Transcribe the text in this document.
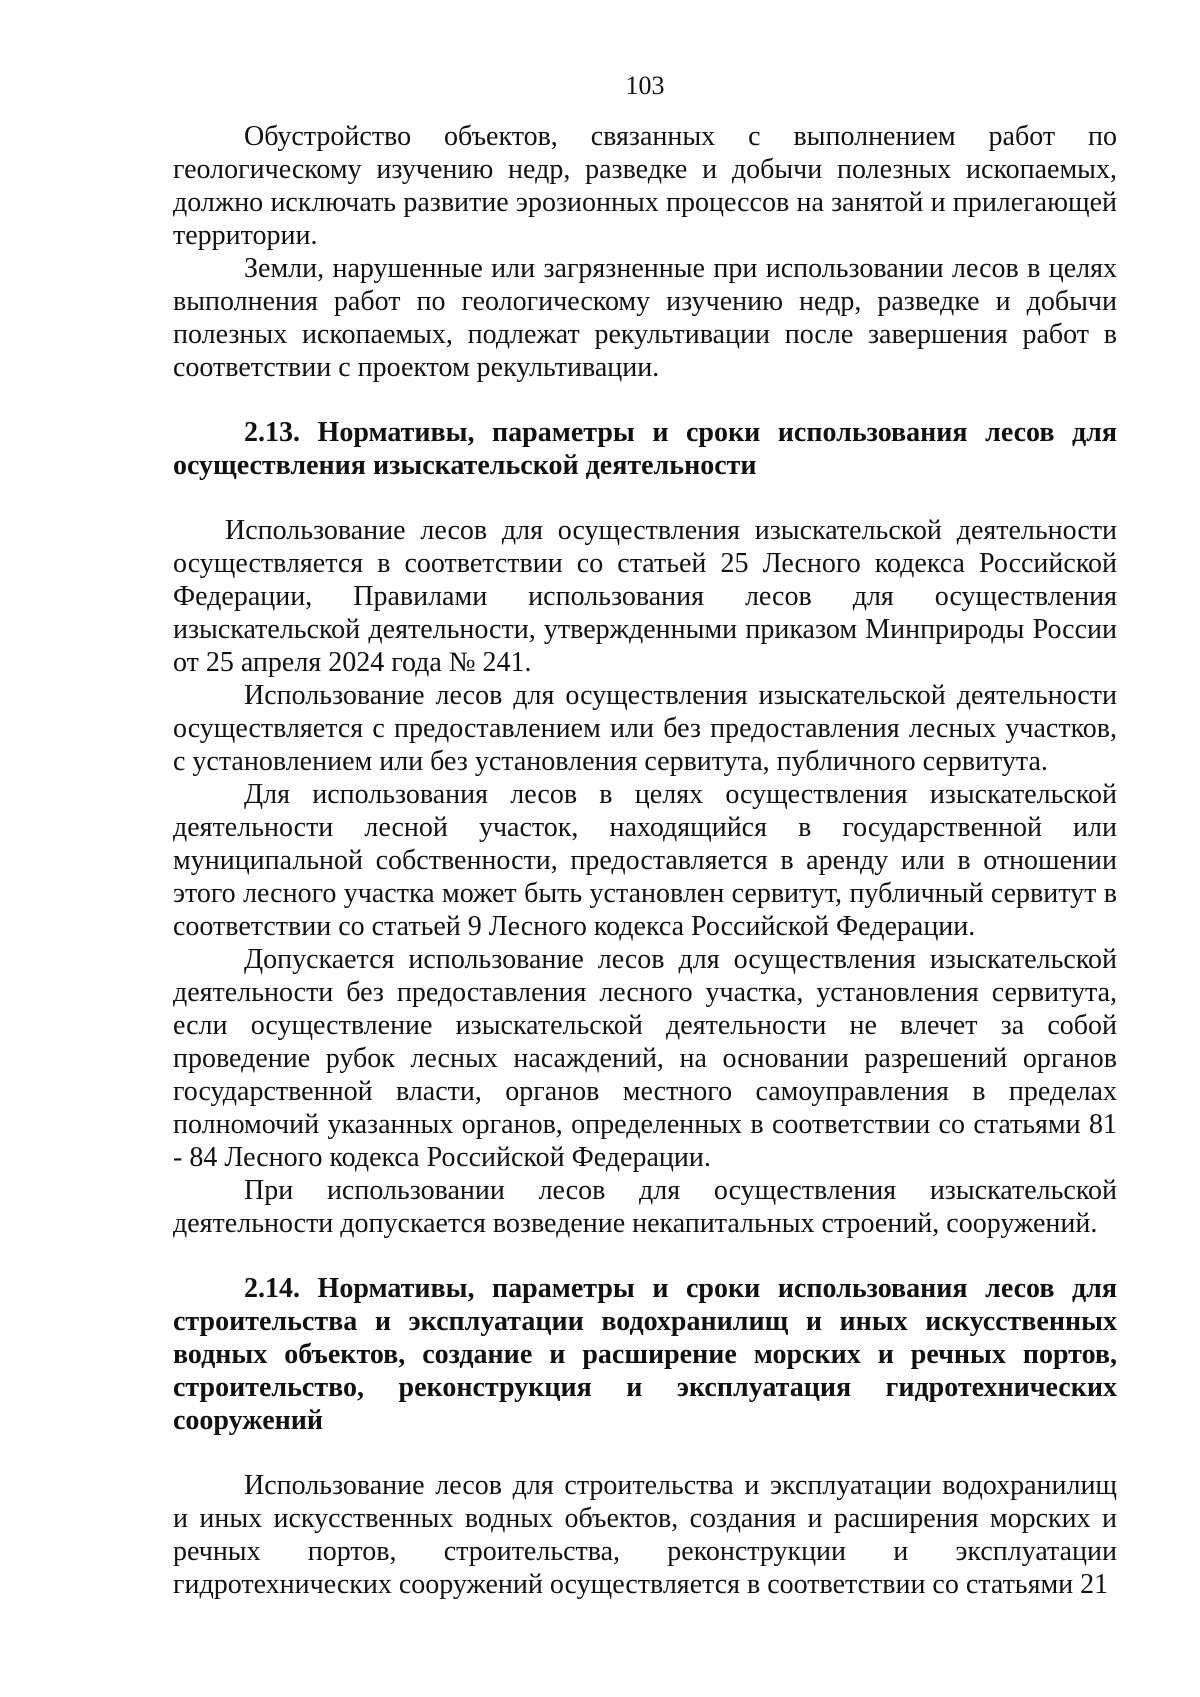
103

Обустройство объектов, связанных с выполнением работ по геологическому изучению недр, разведке и добычи полезных ископаемых, должно исключать развитие эрозионных процессов на занятой и прилегающей территории.

Земли, нарушенные или загрязненные при использовании лесов в целях выполнения работ по геологическому изучению недр, разведке и добычи полезных ископаемых, подлежат рекультивации после завершения работ в соответствии с проектом рекультивации.

2.13. Нормативы, параметры и сроки использования лесов для осуществления изыскательской деятельности

Использование лесов для осуществления изыскательской деятельности осуществляется в соответствии со статьей 25 Лесного кодекса Российской Федерации, Правилами использования лесов для осуществления изыскательской деятельности, утвержденными приказом Минприроды России от 25 апреля 2024 года № 241.

Использование лесов для осуществления изыскательской деятельности осуществляется с предоставлением или без предоставления лесных участков, с установлением или без установления сервитута, публичного сервитута.

Для использования лесов в целях осуществления изыскательской деятельности лесной участок, находящийся в государственной или муниципальной собственности, предоставляется в аренду или в отношении этого лесного участка может быть установлен сервитут, публичный сервитут в соответствии со статьей 9 Лесного кодекса Российской Федерации.

Допускается использование лесов для осуществления изыскательской деятельности без предоставления лесного участка, установления сервитута, если осуществление изыскательской деятельности не влечет за собой проведение рубок лесных насаждений, на основании разрешений органов государственной власти, органов местного самоуправления в пределах полномочий указанных органов, определенных в соответствии со статьями 81 - 84 Лесного кодекса Российской Федерации.

При использовании лесов для осуществления изыскательской деятельности допускается возведение некапитальных строений, сооружений.

2.14. Нормативы, параметры и сроки использования лесов для строительства и эксплуатации водохранилищ и иных искусственных водных объектов, создание и расширение морских и речных портов, строительство, реконструкция и эксплуатация гидротехнических сооружений

Использование лесов для строительства и эксплуатации водохранилищ и иных искусственных водных объектов, создания и расширения морских и речных портов, строительства, реконструкции и эксплуатации гидротехнических сооружений осуществляется в соответствии со статьями 21
